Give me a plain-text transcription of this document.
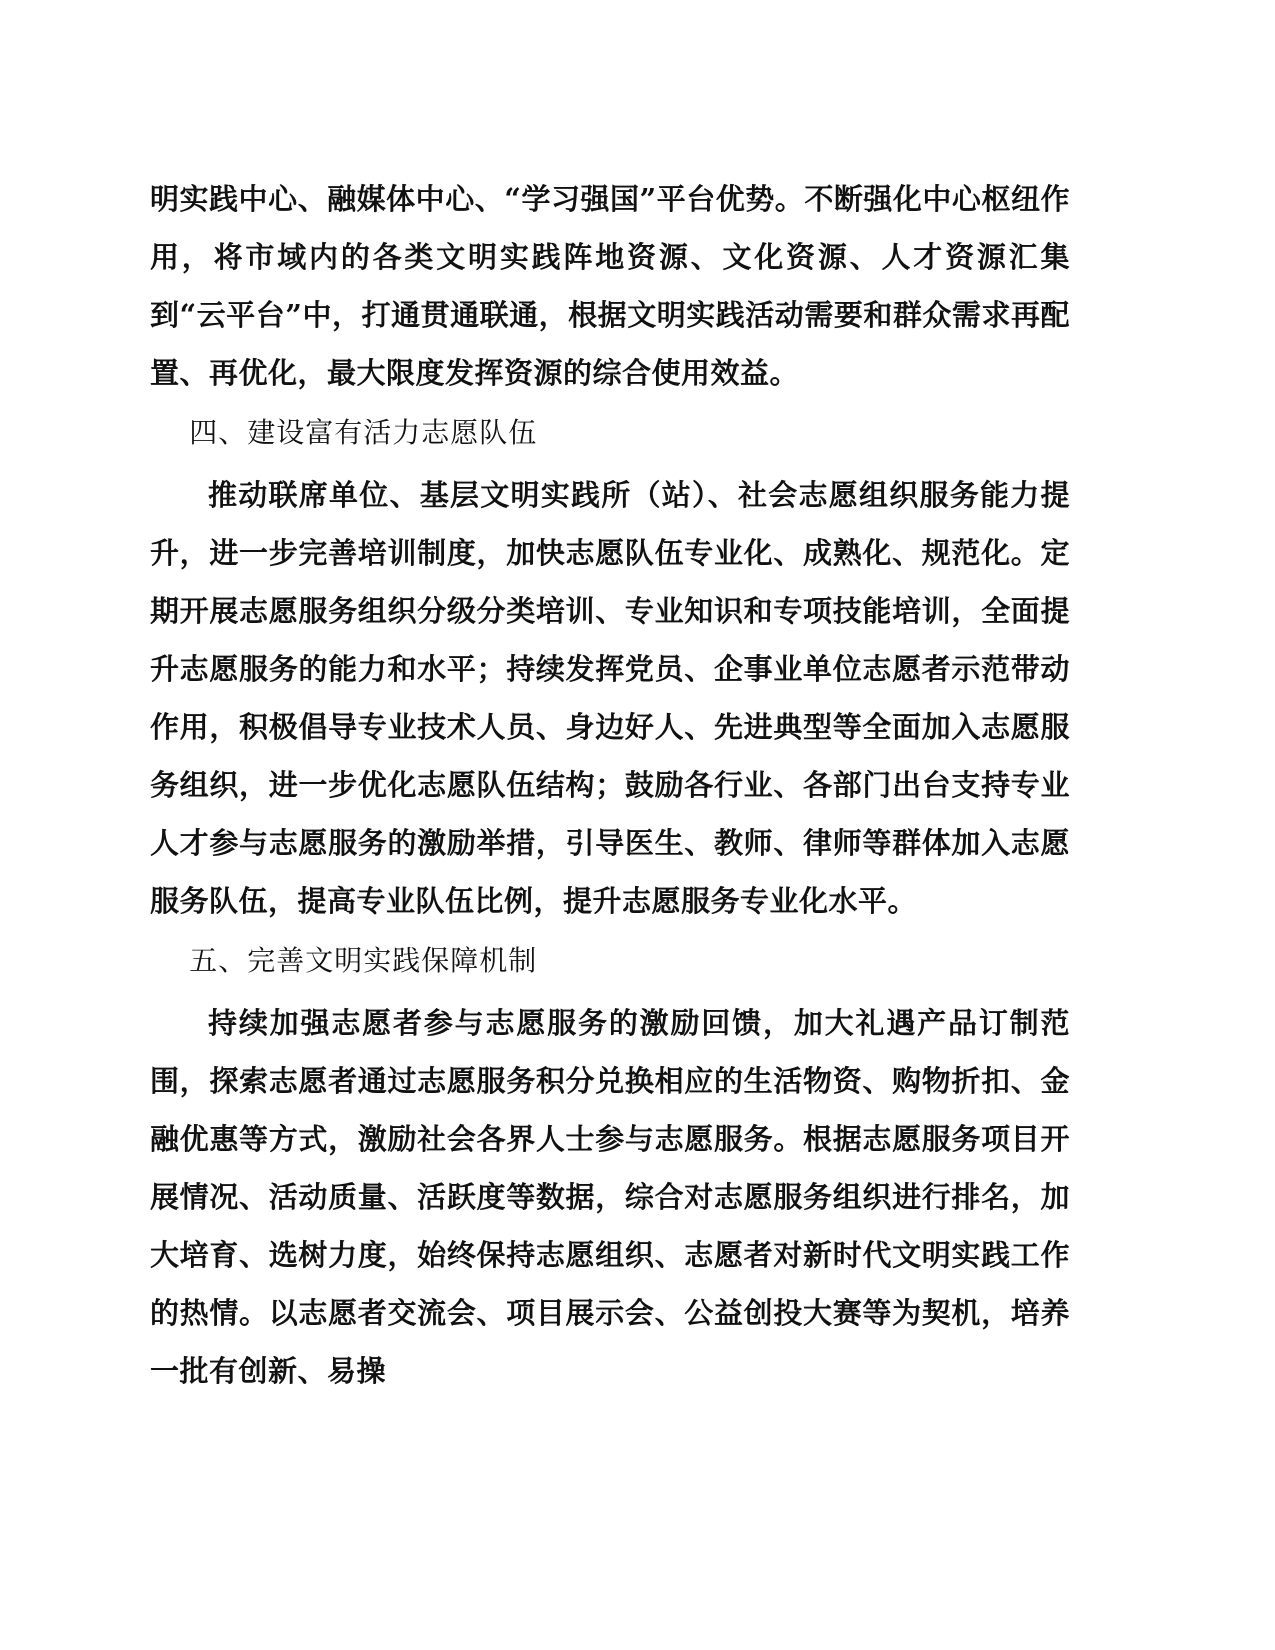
明实践中心、融媒体中心、“学习强国”平台优势。不断强化中心枢纽作用，将市域内的各类文明实践阵地资源、文化资源、人才资源汇集到“云平台”中，打通贯通联通，根据文明实践活动需要和群众需求再配置、再优化，最大限度发挥资源的综合使用效益。

四、建设富有活力志愿队伍

推动联席单位、基层文明实践所（站）、社会志愿组织服务能力提升，进一步完善培训制度，加快志愿队伍专业化、成熟化、规范化。定期开展志愿服务组织分级分类培训、专业知识和专项技能培训，全面提升志愿服务的能力和水平；持续发挥党员、企事业单位志愿者示范带动作用，积极倡导专业技术人员、身边好人、先进典型等全面加入志愿服务组织，进一步优化志愿队伍结构；鼓励各行业、各部门出台支持专业人才参与志愿服务的激励举措，引导医生、教师、律师等群体加入志愿服务队伍，提高专业队伍比例，提升志愿服务专业化水平。

五、完善文明实践保障机制

持续加强志愿者参与志愿服务的激励回馈，加大礼遇产品订制范围，探索志愿者通过志愿服务积分兑换相应的生活物资、购物折扣、金融优惠等方式，激励社会各界人士参与志愿服务。根据志愿服务项目开展情况、活动质量、活跃度等数据，综合对志愿服务组织进行排名，加大培育、选树力度，始终保持志愿组织、志愿者对新时代文明实践工作的热情。以志愿者交流会、项目展示会、公益创投大赛等为契机，培养一批有创新、易操
